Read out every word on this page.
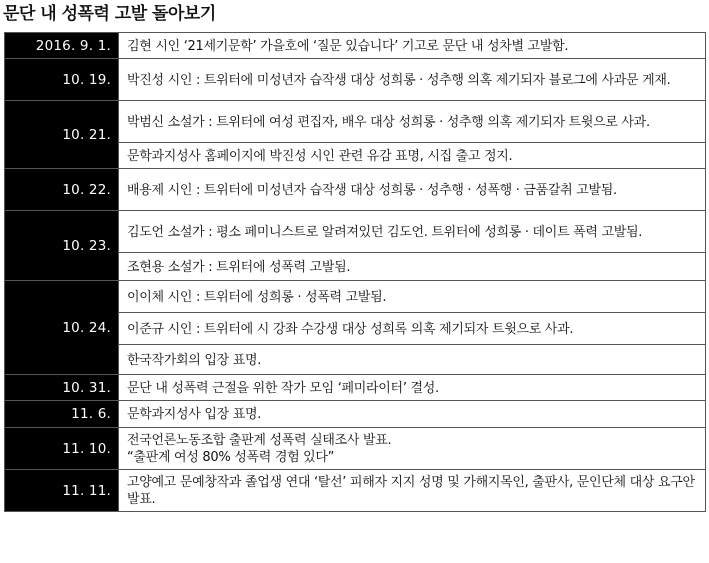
문단 내 성폭력 고발 돌아보기
2016. 9. 1.	김현 시인 ‘21세기문학’ 가을호에 ‘질문 있습니다’ 기고로 문단 내 성차별 고발함.
10. 19.	박진성 시인 : 트위터에 미성년자 습작생 대상 성희롱 · 성추행 의혹 제기되자 블로그에 사과문 게재.
10. 21.	박범신 소설가 : 트위터에 여성 편집자, 배우 대상 성희롱 · 성추행 의혹 제기되자 트윗으로 사과.
	문학과지성사 홈페이지에 박진성 시인 관련 유감 표명, 시집 출고 정지.
10. 22.	배용제 시인 : 트위터에 미성년자 습작생 대상 성희롱 · 성추행 · 성폭행 · 금품갈취 고발됨.
10. 23.	김도언 소설가 : 평소 페미니스트로 알려져있던 김도언. 트위터에 성희롱 · 데이트 폭력 고발됨.
	조현용 소설가 : 트위터에 성폭력 고발됨.
10. 24.	이이체 시인 : 트위터에 성희롱 · 성폭력 고발됨.
	이준규 시인 : 트위터에 시 강좌 수강생 대상 성희록 의혹 제기되자 트윗으로 사과.
	한국작가회의 입장 표명.
10. 31.	문단 내 성폭력 근절을 위한 작가 모임 ‘페미라이터’ 결성.
11. 6.	문학과지성사 입장 표명.
11. 10.	전국언론노동조합 출판계 성폭력 실태조사 발표.
“출판계 여성 80% 성폭력 경험 있다”

11. 11.	고양예고 문예창작과 졸업생 연대 ‘탈선’ 피해자 지지 성명 및 가해지목인, 출판사, 문인단체 대상 요구안 발표.
